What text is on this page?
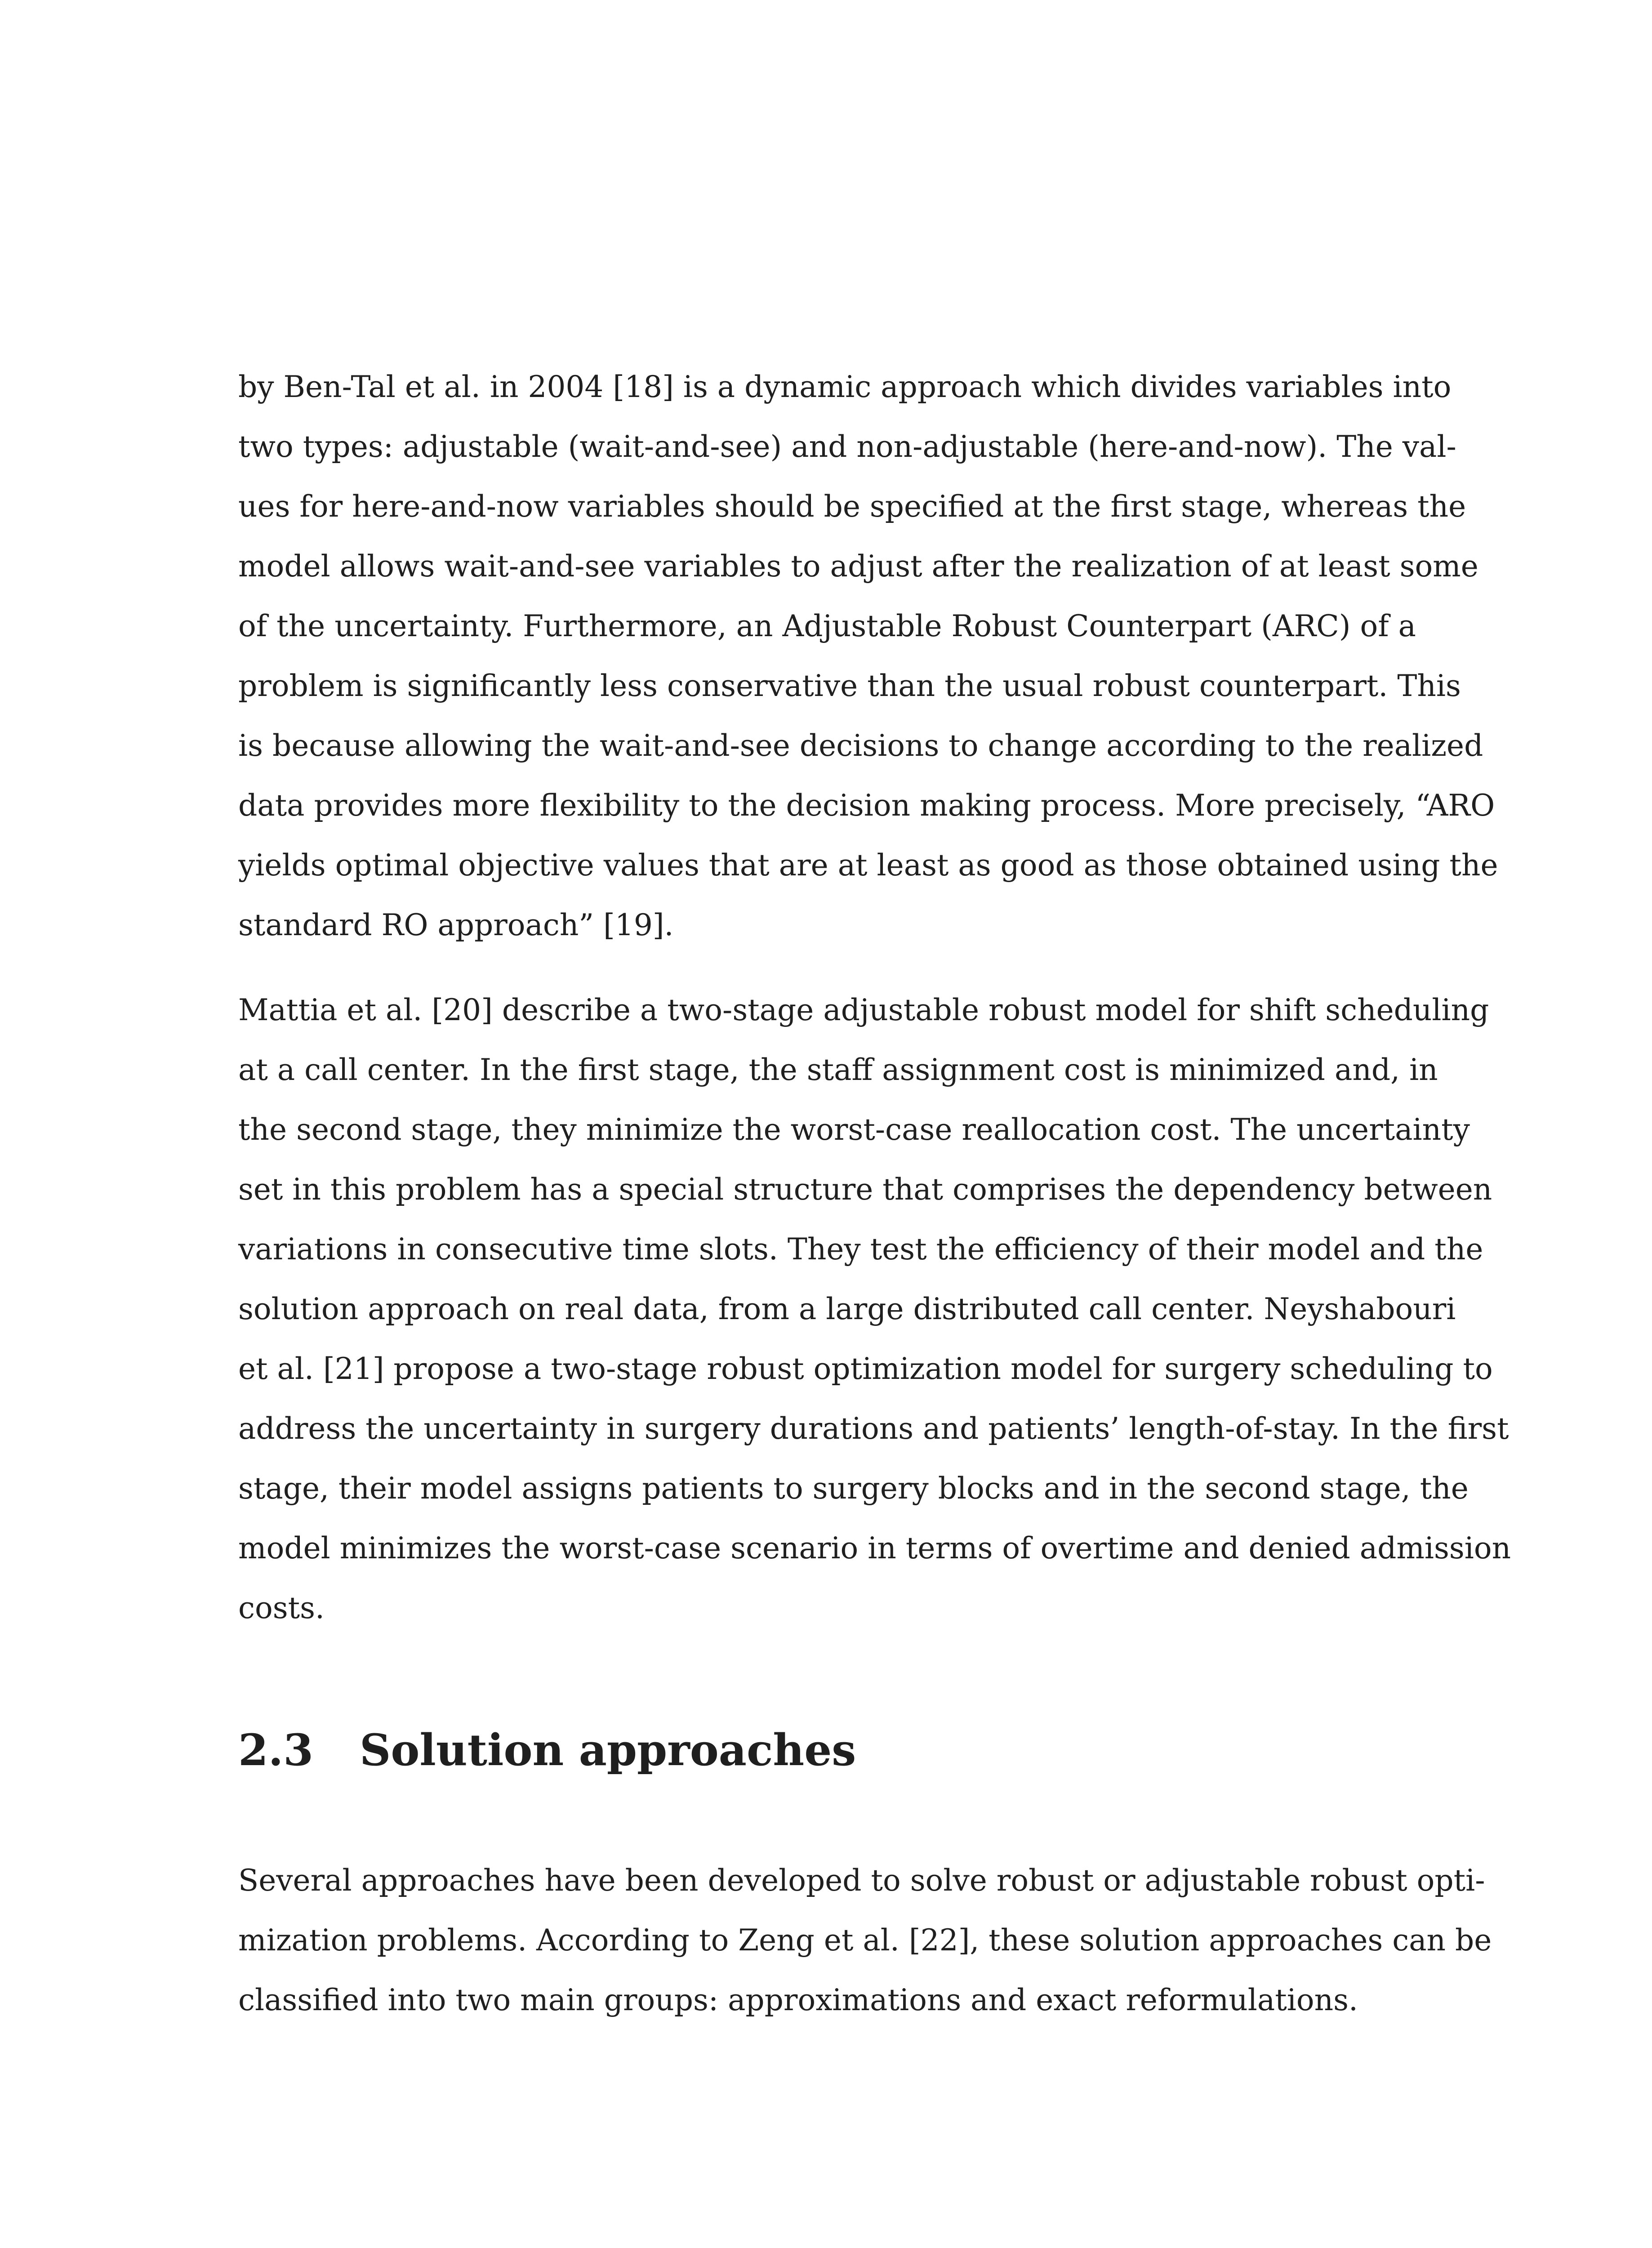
by Ben-Tal et al. in 2004 [18] is a dynamic approach which divides variables into
two types: adjustable (wait-and-see) and non-adjustable (here-and-now). The val-
ues for here-and-now variables should be specified at the first stage, whereas the
model allows wait-and-see variables to adjust after the realization of at least some
of the uncertainty. Furthermore, an Adjustable Robust Counterpart (ARC) of a
problem is significantly less conservative than the usual robust counterpart. This
is because allowing the wait-and-see decisions to change according to the realized
data provides more flexibility to the decision making process. More precisely, “ARO
yields optimal objective values that are at least as good as those obtained using the
standard RO approach” [19].
Mattia et al. [20] describe a two-stage adjustable robust model for shift scheduling
at a call center. In the first stage, the staff assignment cost is minimized and, in
the second stage, they minimize the worst-case reallocation cost. The uncertainty
set in this problem has a special structure that comprises the dependency between
variations in consecutive time slots. They test the efficiency of their model and the
solution approach on real data, from a large distributed call center. Neyshabouri
et al. [21] propose a two-stage robust optimization model for surgery scheduling to
address the uncertainty in surgery durations and patients’ length-of-stay. In the first
stage, their model assigns patients to surgery blocks and in the second stage, the
model minimizes the worst-case scenario in terms of overtime and denied admission
costs.
2.3 Solution approaches
Several approaches have been developed to solve robust or adjustable robust opti-
mization problems. According to Zeng et al. [22], these solution approaches can be
classified into two main groups: approximations and exact reformulations.
